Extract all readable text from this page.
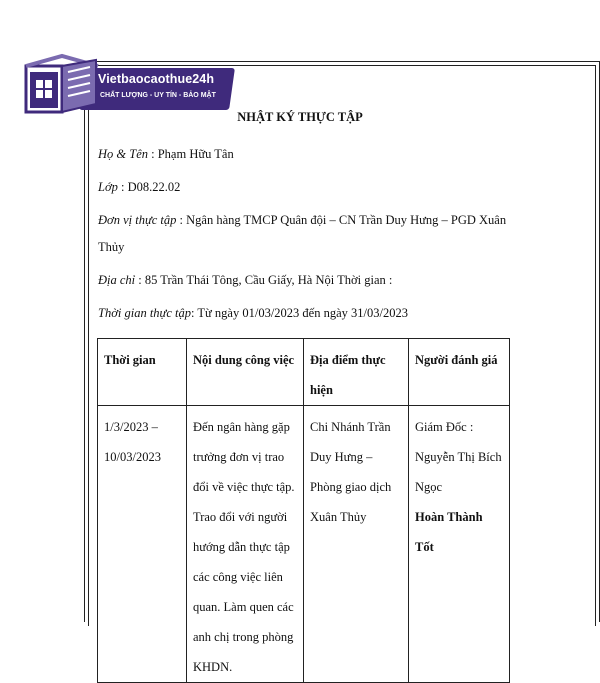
Vietbaocaothue24h
CHẤT LƯỢNG - UY TÍN - BẢO MẬT
NHẬT KÝ THỰC TẬP
Họ & Tên : Phạm Hữu Tân
Lớp : D08.22.02
Đơn vị thực tập : Ngân hàng TMCP Quân đội – CN Trần Duy Hưng – PGD Xuân
Thủy
Địa chỉ : 85 Trần Thái Tông, Cầu Giấy, Hà Nội Thời gian :
Thời gian thực tập: Từ ngày 01/03/2023 đến ngày 31/03/2023
Thời gian	Nội dung công việc	Địa điểm thực hiện	Người đánh giá
1/3/2023 – 10/03/2023	Đến ngân hàng gặp trưởng đơn vị trao đổi về việc thực tập. Trao đổi với người hướng dẫn thực tập các công việc liên quan. Làm quen các anh chị trong phòng KHDN.	Chi Nhánh Trần Duy Hưng – Phòng giao dịch Xuân Thủy	Giám Đốc : Nguyễn Thị Bích Ngọc
Hoàn Thành Tốt
